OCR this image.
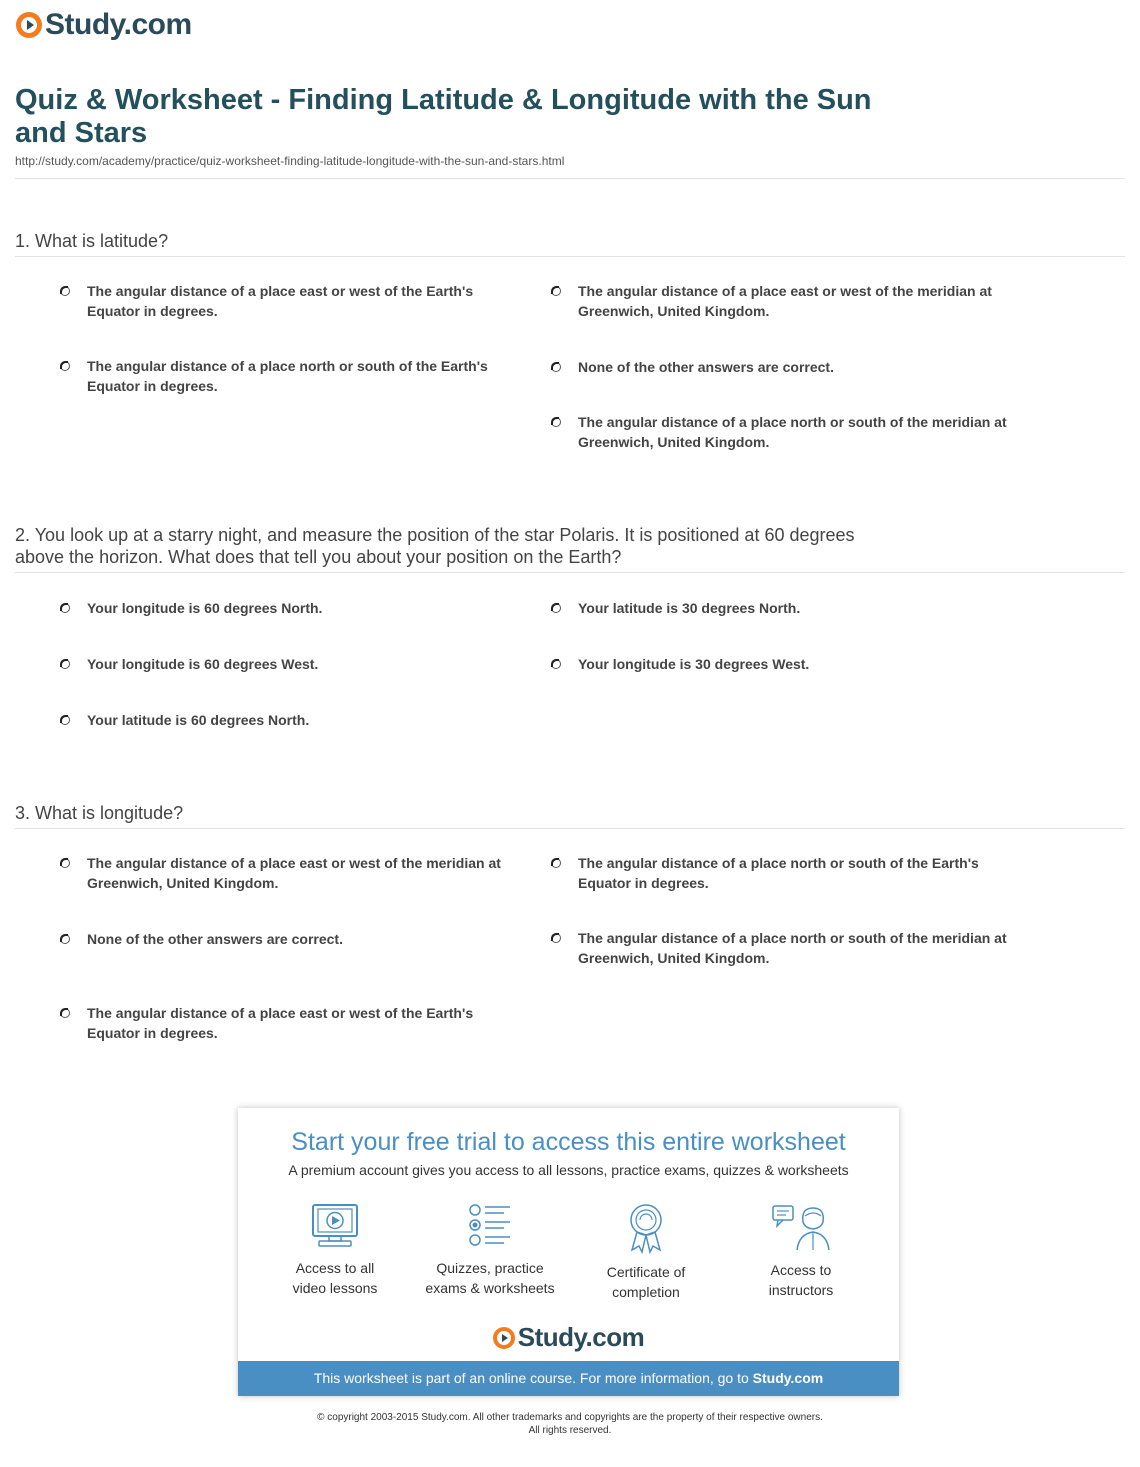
Study.com
Quiz & Worksheet - Finding Latitude & Longitude with the Sun and Stars
http://study.com/academy/practice/quiz-worksheet-finding-latitude-longitude-with-the-sun-and-stars.html
1. What is latitude?
The angular distance of a place east or west of the Earth's Equator in degrees.
The angular distance of a place east or west of the meridian at Greenwich, United Kingdom.
The angular distance of a place north or south of the Earth's Equator in degrees.
None of the other answers are correct.
The angular distance of a place north or south of the meridian at Greenwich, United Kingdom.
2. You look up at a starry night, and measure the position of the star Polaris. It is positioned at 60 degrees above the horizon. What does that tell you about your position on the Earth?
Your longitude is 60 degrees North.	Your latitude is 30 degrees North.
Your longitude is 60 degrees West.	Your longitude is 30 degrees West.
Your latitude is 60 degrees North.
3. What is longitude?
The angular distance of a place east or west of the meridian at Greenwich, United Kingdom.
The angular distance of a place north or south of the Earth's Equator in degrees.
None of the other answers are correct.	The angular distance of a place north or south of the meridian at Greenwich, United Kingdom.
The angular distance of a place east or west of the Earth's Equator in degrees.
Start your free trial to access this entire worksheet
A premium account gives you access to all lessons, practice exams, quizzes & worksheets
Access to all
video lessons
Quizzes, practice
exams & worksheets
Certificate of
completion
Access to
instructors
Study.com
This worksheet is part of an online course. For more information, go to Study.com
© copyright 2003-2015 Study.com. All other trademarks and copyrights are the property of their respective owners.
All rights reserved.
